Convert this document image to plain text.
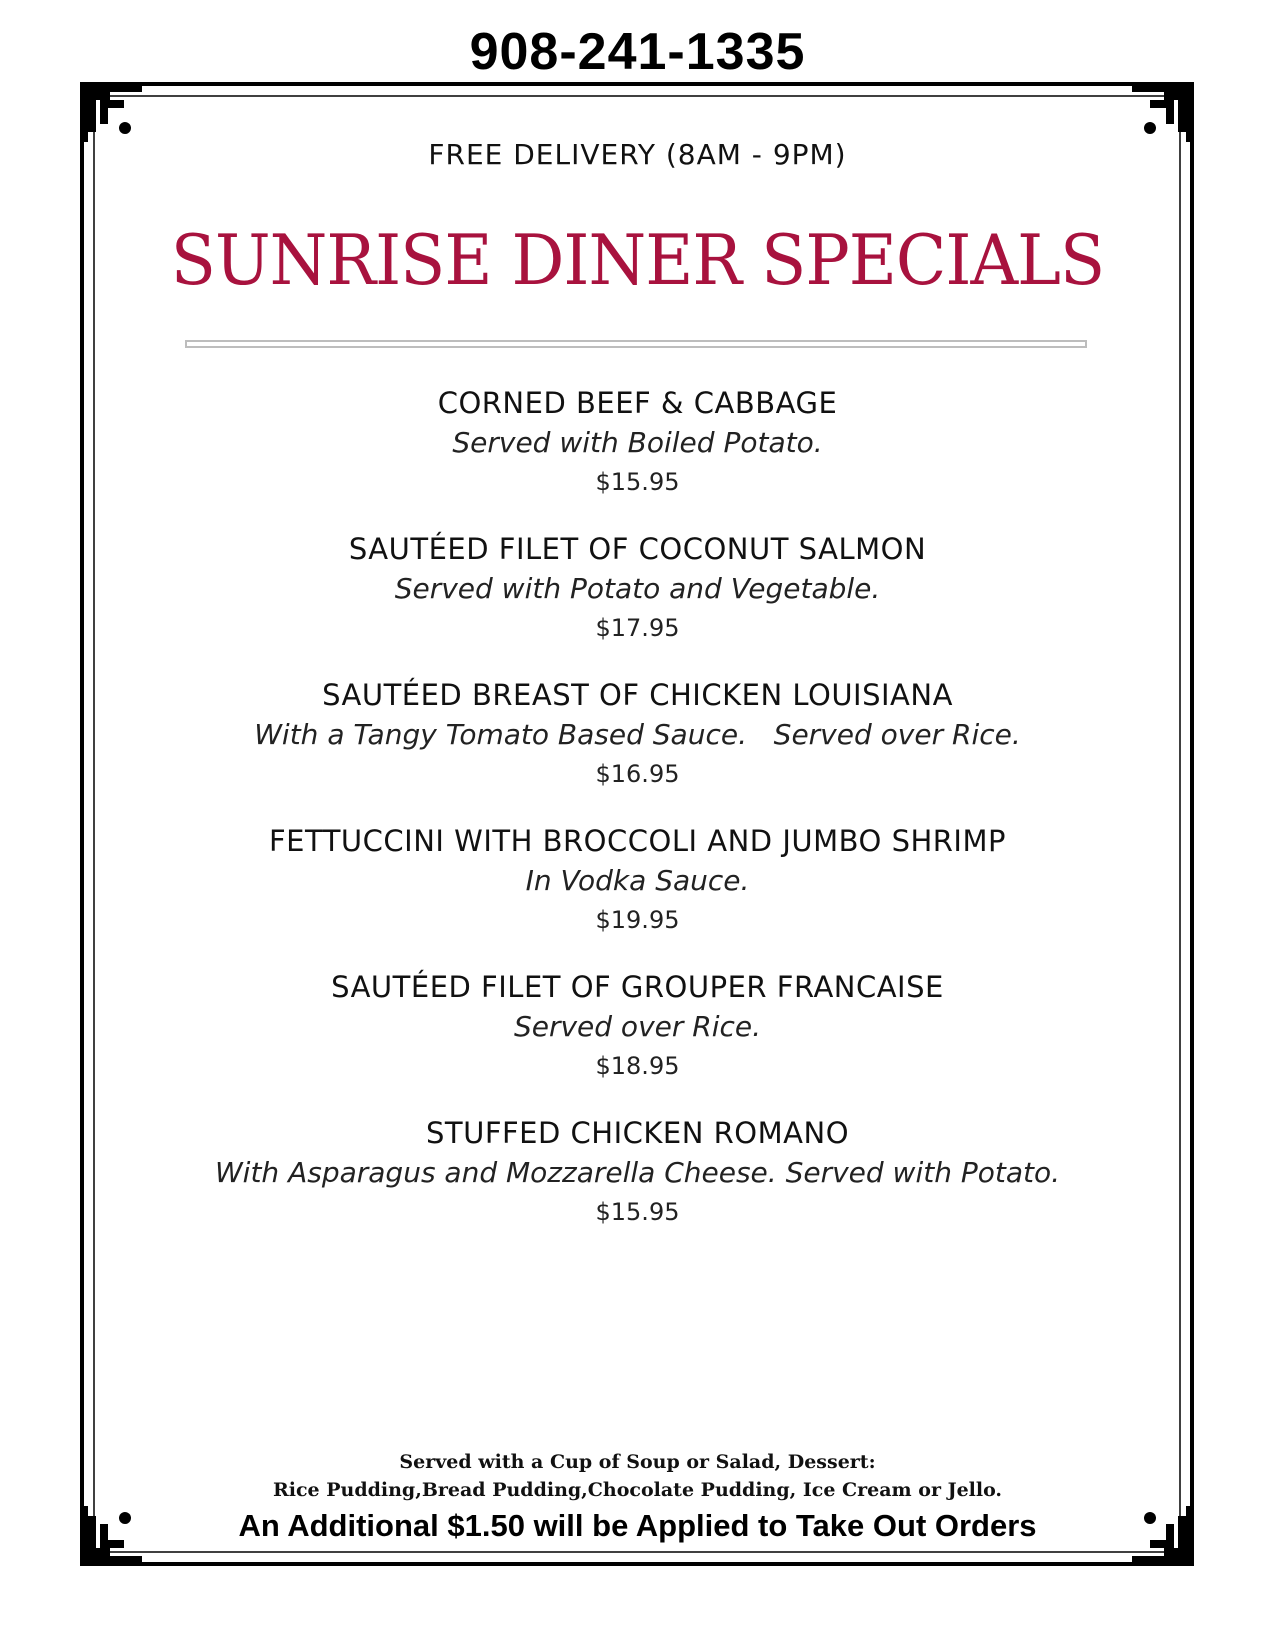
908-241-1335
FREE DELIVERY (8AM - 9PM)
SUNRISE DINER SPECIALS
CORNED BEEF & CABBAGE
Served with Boiled Potato.
$15.95
SAUTÉED FILET OF COCONUT SALMON
Served with Potato and Vegetable.
$17.95
SAUTÉED BREAST OF CHICKEN LOUISIANA
With a Tangy Tomato Based Sauce.   Served over Rice.
$16.95
FETTUCCINI WITH BROCCOLI AND JUMBO SHRIMP
In Vodka Sauce.
$19.95
SAUTÉED FILET OF GROUPER FRANCAISE
Served over Rice.
$18.95
STUFFED CHICKEN ROMANO
With Asparagus and Mozzarella Cheese. Served with Potato.
$15.95
Served with a Cup of Soup or Salad, Dessert:
Rice Pudding,Bread Pudding,Chocolate Pudding, Ice Cream or Jello.
An Additional $1.50 will be Applied to Take Out Orders
